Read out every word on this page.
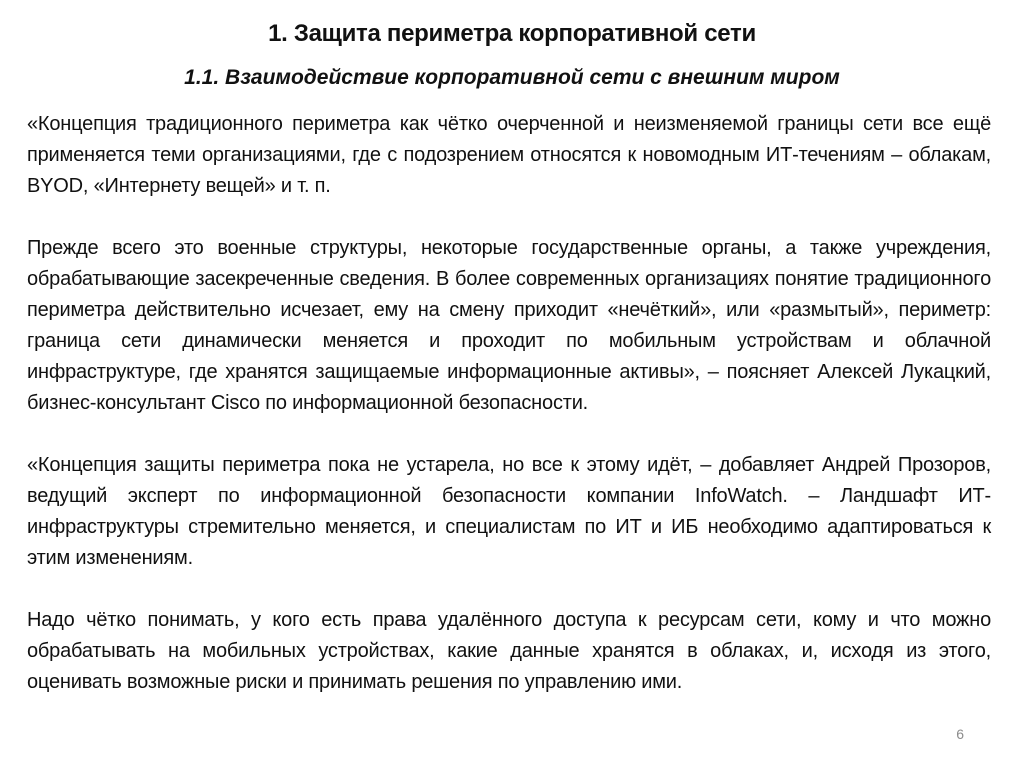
1. Защита периметра корпоративной сети
1.1. Взаимодействие корпоративной сети с внешним миром

«Концепция традиционного периметра как чётко очерченной и неизменяемой границы сети все ещё применяется теми организациями, где с подозрением относятся к новомодным ИТ-течениям – облакам, BYOD, «Интернету вещей» и т. п.

Прежде всего это военные структуры, некоторые государственные органы, а также учреждения, обрабатывающие засекреченные сведения. В более современных организациях понятие традиционного периметра действительно исчезает, ему на смену приходит «нечёткий», или «размытый», периметр: граница сети динамически меняется и проходит по мобильным устройствам и облачной инфраструктуре, где хранятся защищаемые информационные активы», – поясняет Алексей Лукацкий, бизнес-консультант Cisco по информационной безопасности.

«Концепция защиты периметра пока не устарела, но все к этому идёт, – добавляет Андрей Прозоров, ведущий эксперт по информационной безопасности компании InfoWatch. – Ландшафт ИТ-инфраструктуры стремительно меняется, и специалистам по ИТ и ИБ необходимо адаптироваться к этим изменениям.

Надо чётко понимать, у кого есть права удалённого доступа к ресурсам сети, кому и что можно обрабатывать на мобильных устройствах, какие данные хранятся в облаках, и, исходя из этого, оценивать возможные риски и принимать решения по управлению ими.

6
